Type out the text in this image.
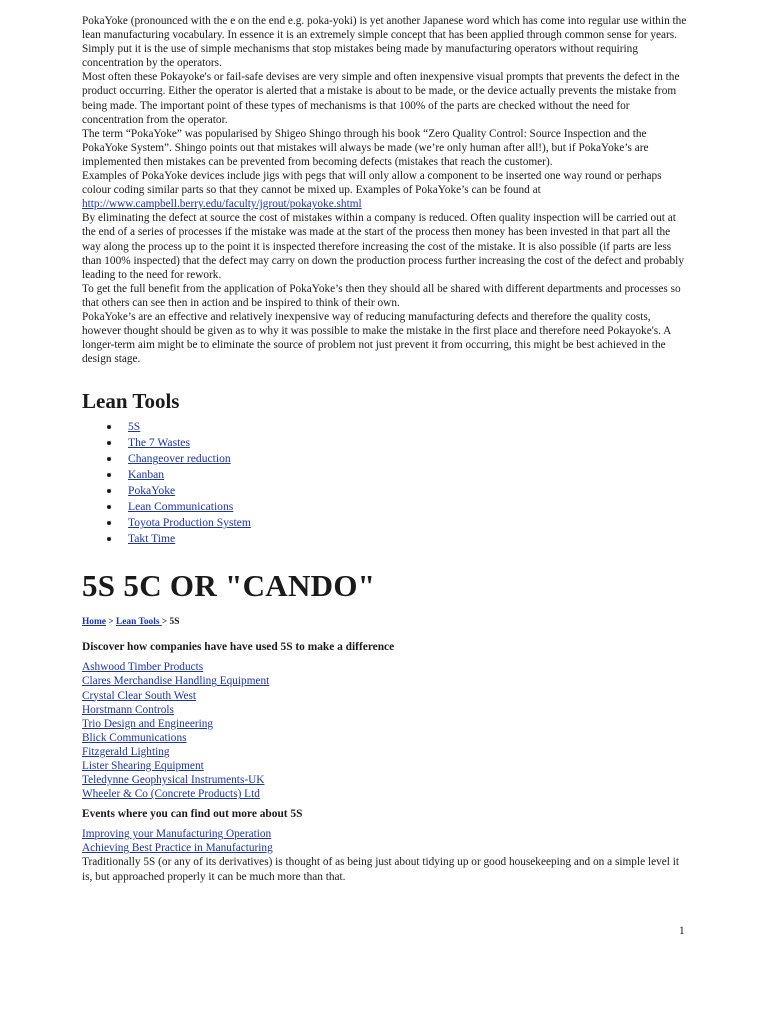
PokaYoke (pronounced with the e on the end e.g. poka-yoki) is yet another Japanese word which has come into regular use within the lean manufacturing vocabulary. In essence it is an extremely simple concept that has been applied through common sense for years. Simply put it is the use of simple mechanisms that stop mistakes being made by manufacturing operators without requiring concentration by the operators.

Most often these Pokayoke's or fail-safe devises are very simple and often inexpensive visual prompts that prevents the defect in the product occurring. Either the operator is alerted that a mistake is about to be made, or the device actually prevents the mistake from being made. The important point of these types of mechanisms is that 100% of the parts are checked without the need for concentration from the operator.

The term “PokaYoke” was popularised by Shigeo Shingo through his book “Zero Quality Control: Source Inspection and the PokaYoke System”. Shingo points out that mistakes will always be made (we’re only human after all!), but if PokaYoke’s are implemented then mistakes can be prevented from becoming defects (mistakes that reach the customer).

Examples of PokaYoke devices include jigs with pegs that will only allow a component to be inserted one way round or perhaps colour coding similar parts so that they cannot be mixed up. Examples of PokaYoke’s can be found at

http://www.campbell.berry.edu/faculty/jgrout/pokayoke.shtml

By eliminating the defect at source the cost of mistakes within a company is reduced. Often quality inspection will be carried out at the end of a series of processes if the mistake was made at the start of the process then money has been invested in that part all the way along the process up to the point it is inspected therefore increasing the cost of the mistake. It is also possible (if parts are less than 100% inspected) that the defect may carry on down the production process further increasing the cost of the defect and probably leading to the need for rework.

To get the full benefit from the application of PokaYoke’s then they should all be shared with different departments and processes so that others can see then in action and be inspired to think of their own.

PokaYoke’s are an effective and relatively inexpensive way of reducing manufacturing defects and therefore the quality costs, however thought should be given as to why it was possible to make the mistake in the first place and therefore need Pokayoke's. A longer-term aim might be to eliminate the source of problem not just prevent it from occurring, this might be best achieved in the design stage.

Lean Tools
5S
The 7 Wastes
Changeover reduction
Kanban
PokaYoke
Lean Communications
Toyota Production System
Takt Time
5S 5C OR "CANDO"
Home > Lean Tools > 5S

Discover how companies have have used 5S to make a difference

Ashwood Timber Products
Clares Merchandise Handling Equipment
Crystal Clear South West
Horstmann Controls
Trio Design and Engineering
Blick Communications
Fitzgerald Lighting
Lister Shearing Equipment
Teledynne Geophysical Instruments-UK
Wheeler & Co (Concrete Products) Ltd

Events where you can find out more about 5S

Improving your Manufacturing Operation
Achieving Best Practice in Manufacturing

Traditionally 5S (or any of its derivatives) is thought of as being just about tidying up or good housekeeping and on a simple level it is, but approached properly it can be much more than that.

1
